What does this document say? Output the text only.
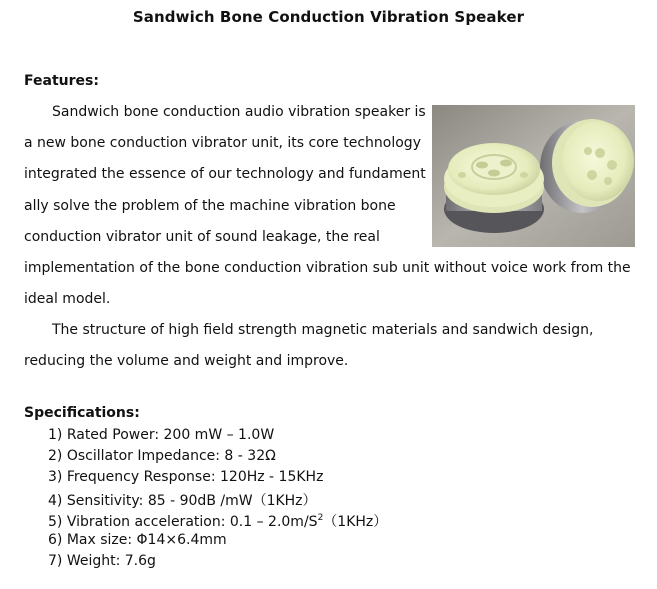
Sandwich Bone Conduction Vibration Speaker
Features:
Sandwich bone conduction audio vibration speaker is
a new bone conduction vibrator unit, its core technology
integrated the essence of our technology and fundament
ally solve the problem of the machine vibration bone
conduction vibrator unit of sound leakage, the real
implementation of the bone conduction vibration sub unit without voice work from the
ideal model.
The structure of high field strength magnetic materials and sandwich design,
reducing the volume and weight and improve.
Specifications:
1) Rated Power: 200 mW – 1.0W
2) Oscillator Impedance: 8 - 32Ω
3) Frequency Response: 120Hz - 15KHz
4) Sensitivity: 85 - 90dB /mW（1KHz）
5) Vibration acceleration: $0.1 - 2.0m/S^2(1KHz)$
6) Max size: Φ14×6.4mm
7) Weight: 7.6g
